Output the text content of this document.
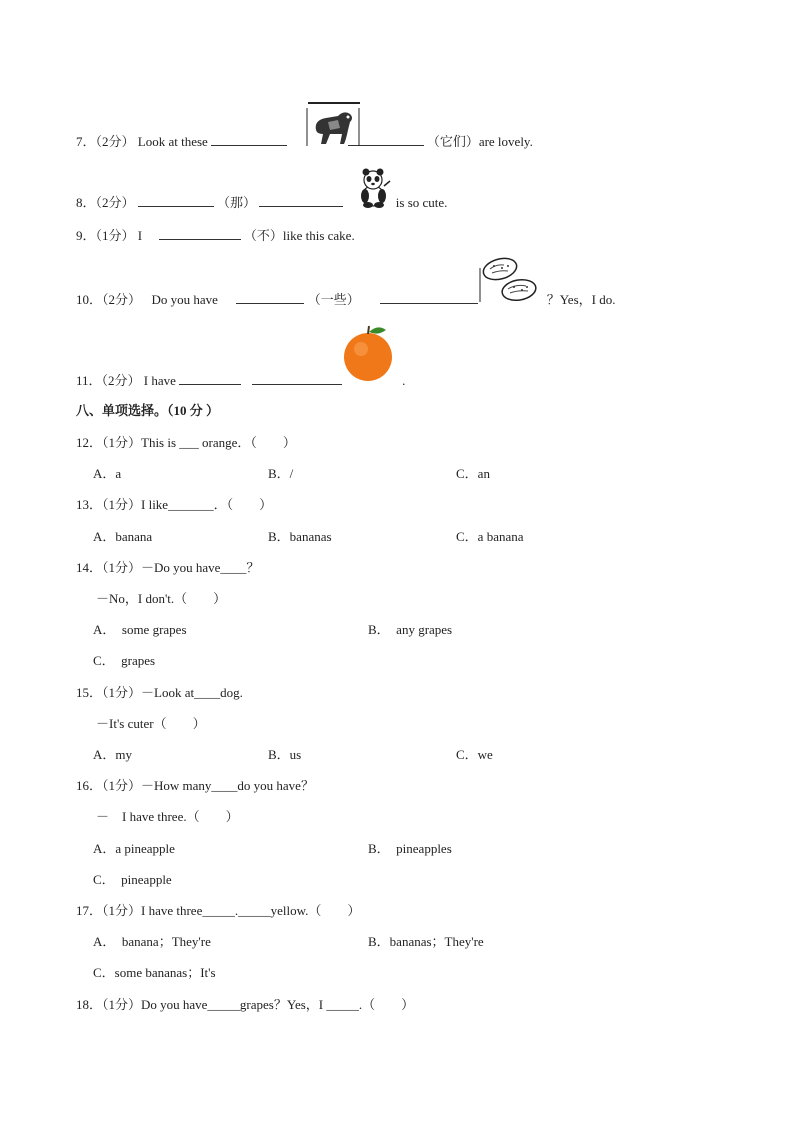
7．（2分） Look at these	（它们）are lovely.
8．（2分）	（那）	is so cute.
9．（1分） I	（不）like this cake.
10．（2分） Do you have	（一些）	？Yes，I do.
11．（2分） I have	.
八、单项选择。（10 分 ）
12．（1分）This is ___ orange．（　　）
A．a	B．/	C．an
13．（1分）I like_______．（　　）
A．banana	B．bananas	C．a banana
14．（1分）－Do you have____？
－No，I don't.（　　）
A．　some grapes	B．　any grapes
C．　grapes
15．（1分）－Look at____dog.
－It's cuter（　　）
A．my	B．us	C．we
16．（1分）－How many____do you have？
－　I have three.（　　）
A．a pineapple	B．　pineapples
C．　pineapple
17．（1分）I have three_____._____yellow.（　　）
A．　banana；They're	B．bananas；They're
C．some bananas；It's
18．（1分）Do you have_____grapes？Yes，I _____.（　　）
